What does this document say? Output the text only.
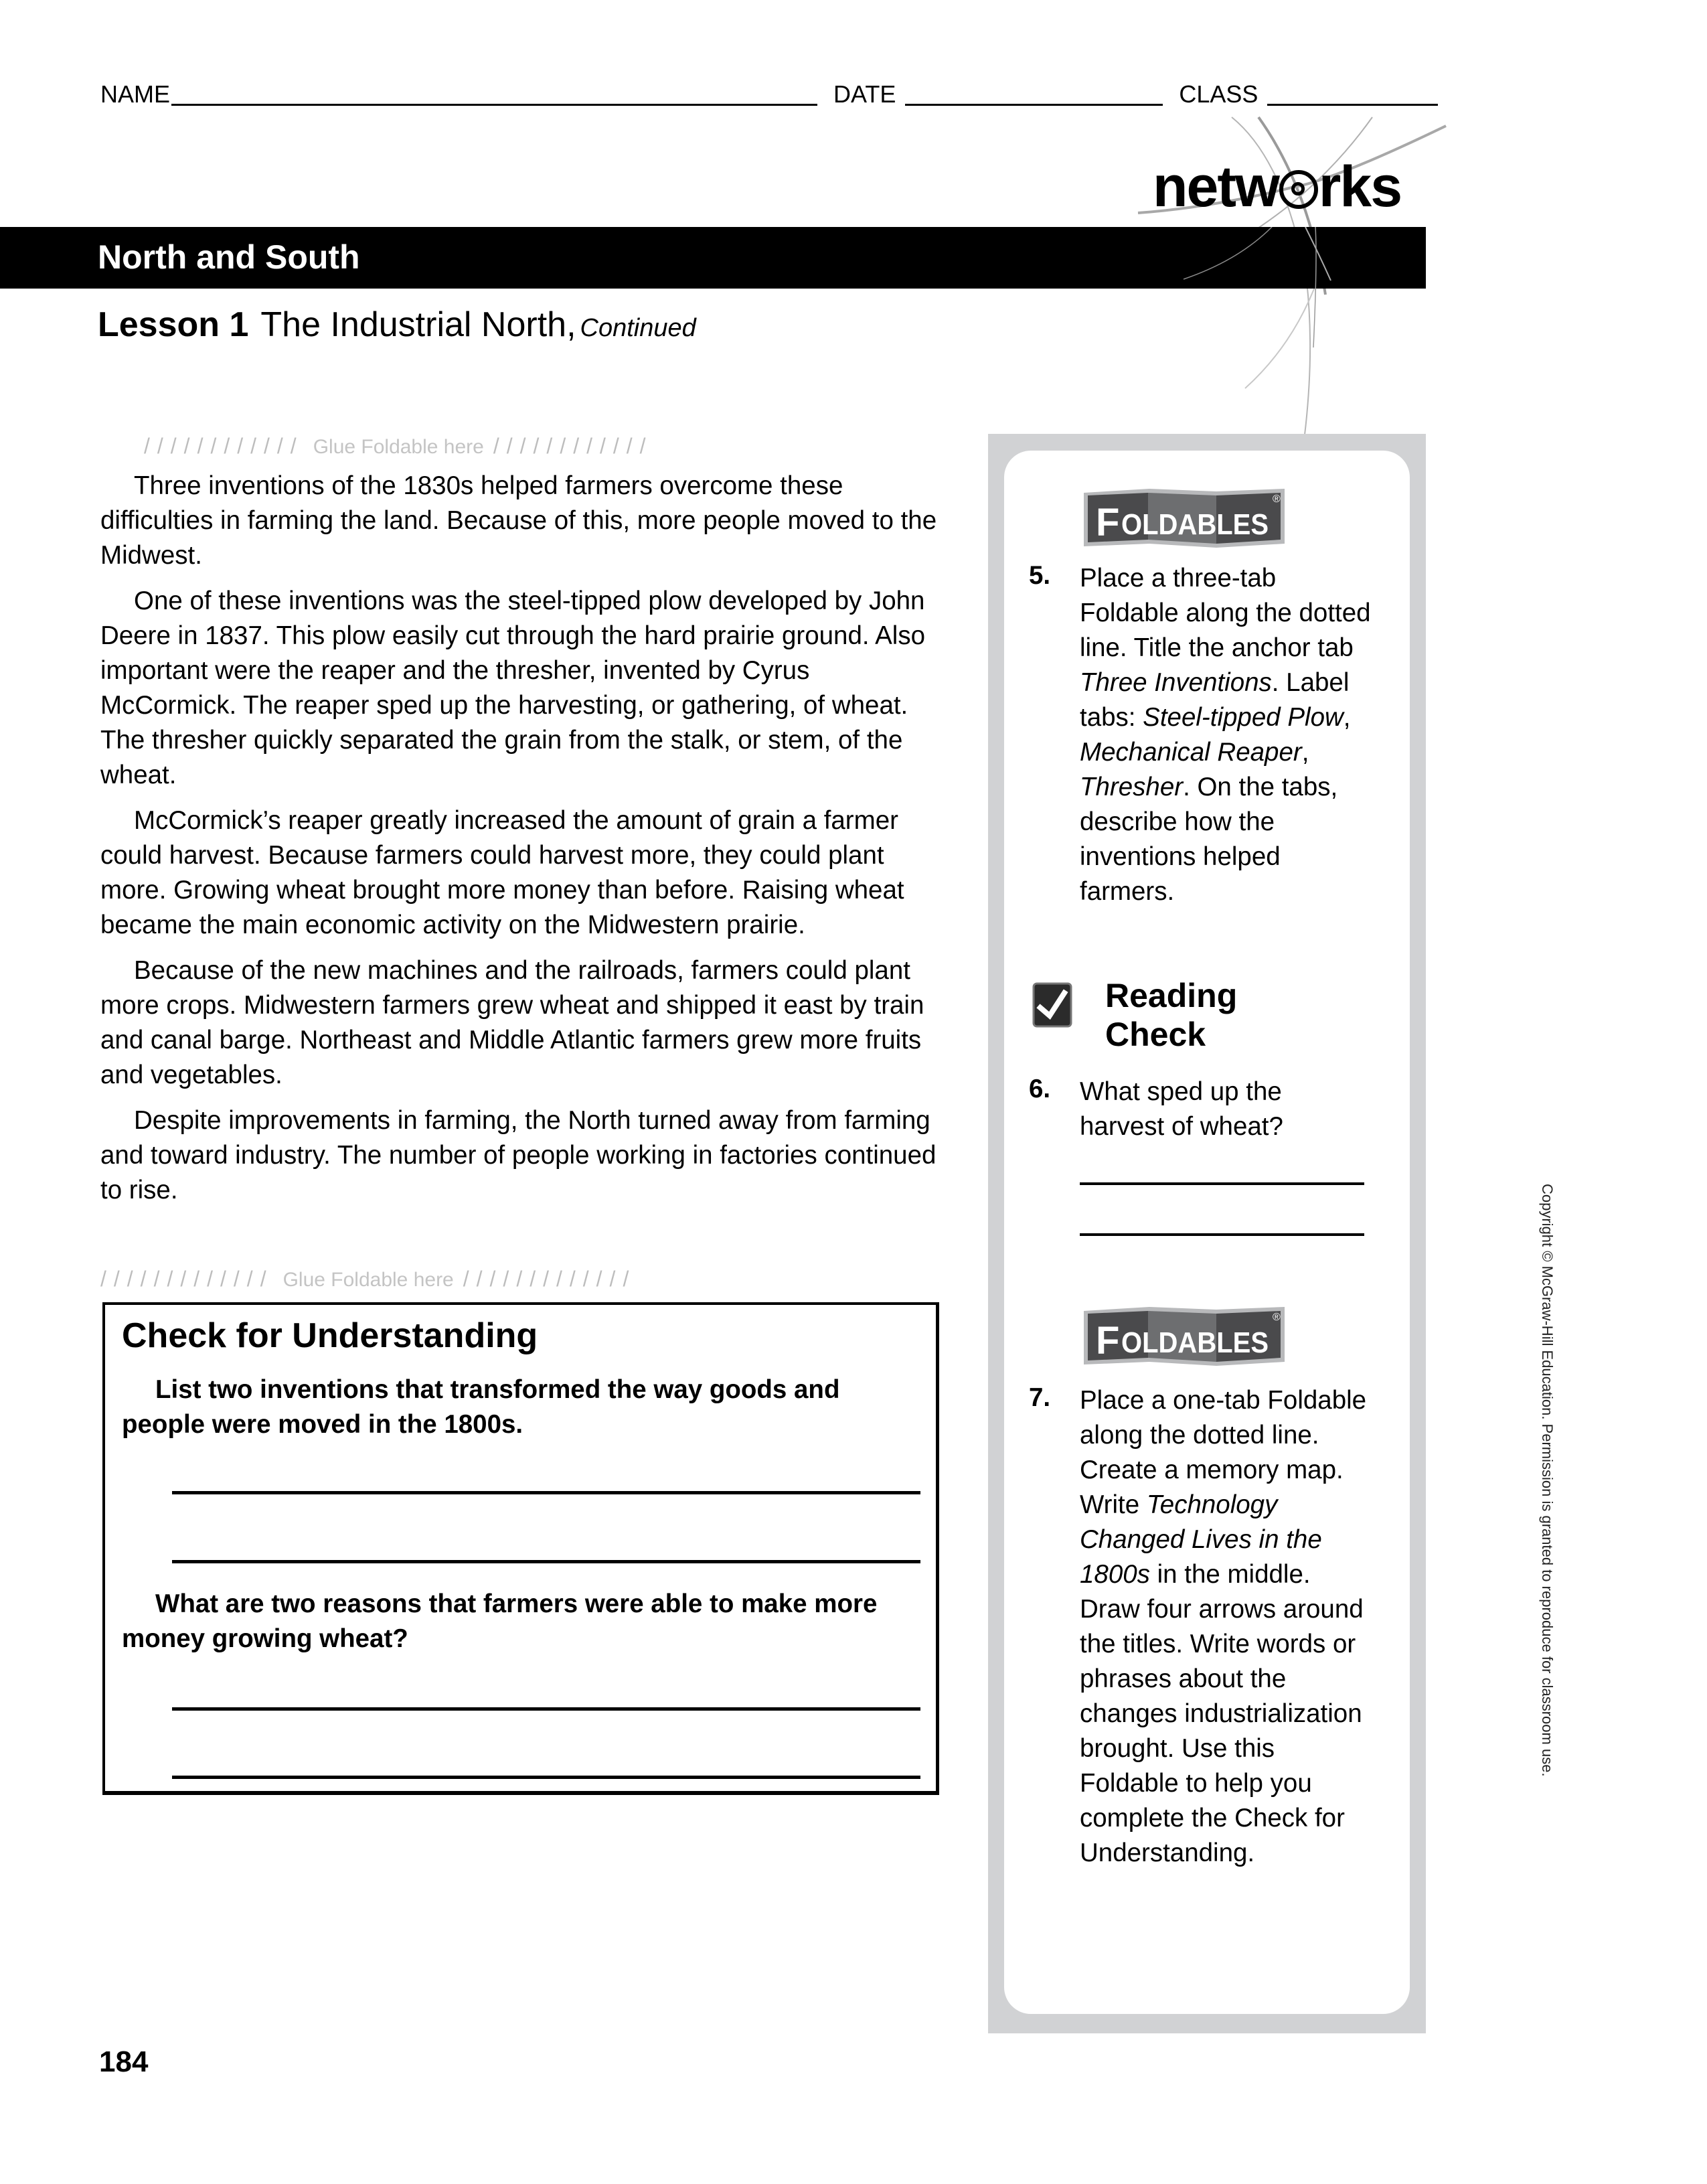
NAME	DATE	CLASS
netw rks
North and South
Lesson 1 The Industrial North, Continued
//////////// Glue Foldable here ////////////

Three inventions of the 1830s helped farmers overcome these difficulties in farming the land. Because of this, more people moved to the Midwest.

One of these inventions was the steel-tipped plow developed by John Deere in 1837. This plow easily cut through the hard prairie ground. Also important were the reaper and the thresher, invented by Cyrus McCormick. The reaper sped up the harvesting, or gathering, of wheat. The thresher quickly separated the grain from the stalk, or stem, of the wheat.

McCormick’s reaper greatly increased the amount of grain a farmer could harvest. Because farmers could harvest more, they could plant more. Growing wheat brought more money than before. Raising wheat became the main economic activity on the Midwestern prairie.

Because of the new machines and the railroads, farmers could plant more crops. Midwestern farmers grew wheat and shipped it east by train and canal barge. Northeast and Middle Atlantic farmers grew more fruits and vegetables.

Despite improvements in farming, the North turned away from farming and toward industry. The number of people working in factories continued to rise.

///////////// Glue Foldable here /////////////
Check for Understanding
List two inventions that transformed the way goods and people were moved in the 1800s.
What are two reasons that farmers were able to make more money growing wheat?
F OLDABLES
®
5. Place a three-tab Foldable along the dotted line. Title the anchor tab Three Inventions. Label tabs: Steel-tipped Plow, Mechanical Reaper, Thresher. On the tabs, describe how the inventions helped farmers.
Reading
Check
6. What sped up the harvest of wheat?
F OLDABLES
®
7. Place a one-tab Foldable along the dotted line. Create a memory map. Write Technology Changed Lives in the 1800s in the middle. Draw four arrows around the titles. Write words or phrases about the changes industrialization brought. Use this Foldable to help you complete the Check for Understanding.
Copyright © McGraw-Hill Education. Permission is granted to reproduce for classroom use.
184
